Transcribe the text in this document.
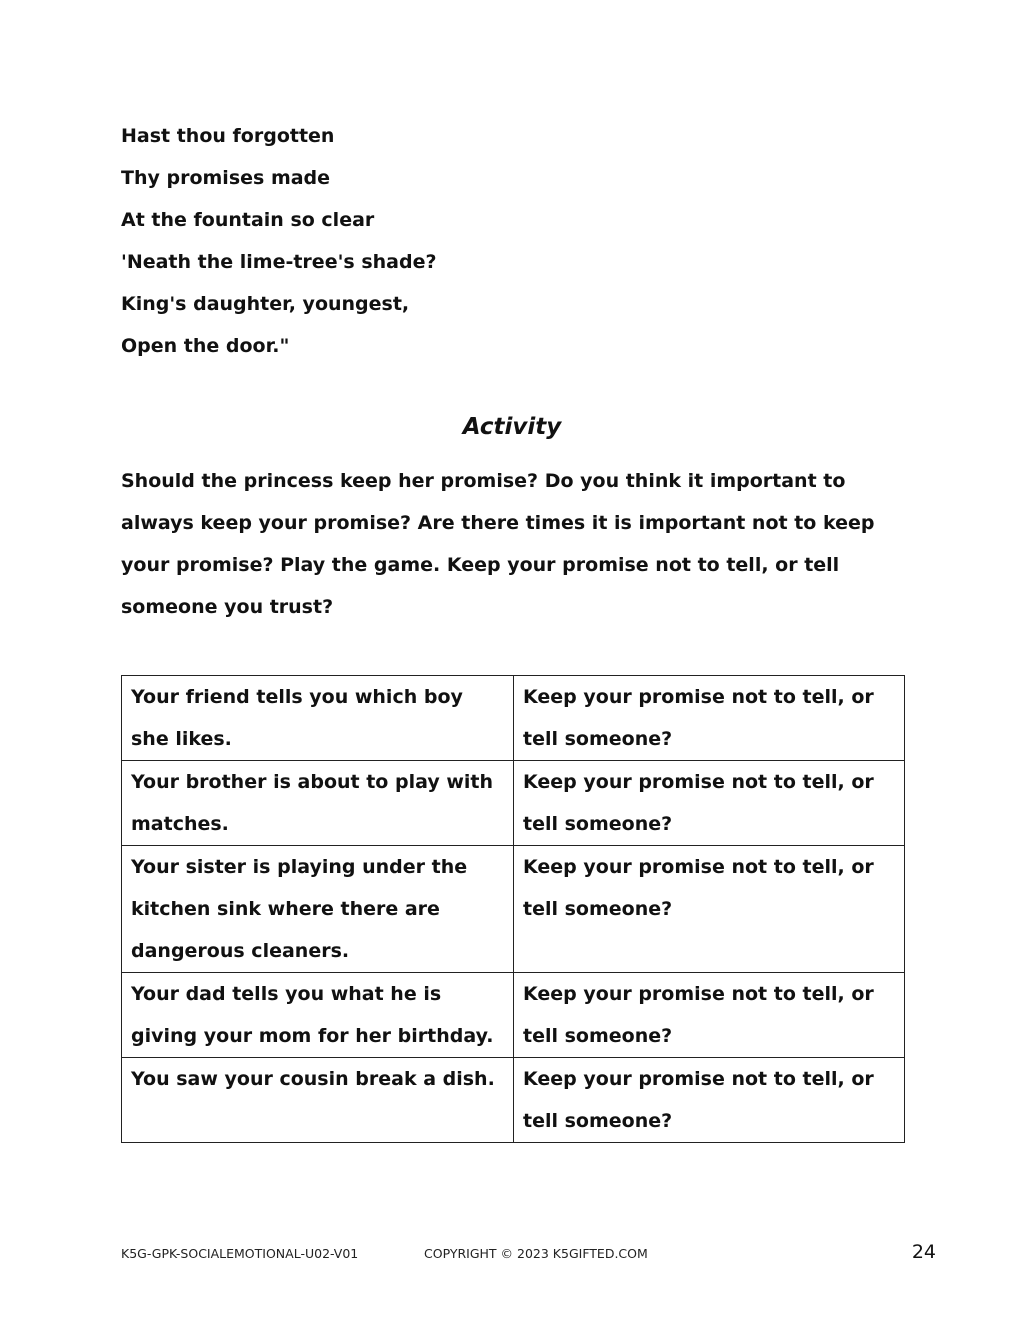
Hast thou forgotten
Thy promises made
At the fountain so clear
'Neath the lime-tree's shade?
King's daughter, youngest,
Open the door."
Activity
Should the princess keep her promise? Do you think it important to always keep your promise? Are there times it is important not to keep your promise? Play the game. Keep your promise not to tell, or tell someone you trust?
Your friend tells you which boy she likes.	Keep your promise not to tell, or tell someone?
Your brother is about to play with matches.	Keep your promise not to tell, or tell someone?
Your sister is playing under the kitchen sink where there are dangerous cleaners.	Keep your promise not to tell, or tell someone?
Your dad tells you what he is giving your mom for her birthday.	Keep your promise not to tell, or tell someone?
You saw your cousin break a dish.	Keep your promise not to tell, or tell someone?
K5G-GPK-SOCIALEMOTIONAL-U02-V01	COPYRIGHT © 2023 K5GIFTED.COM	24
